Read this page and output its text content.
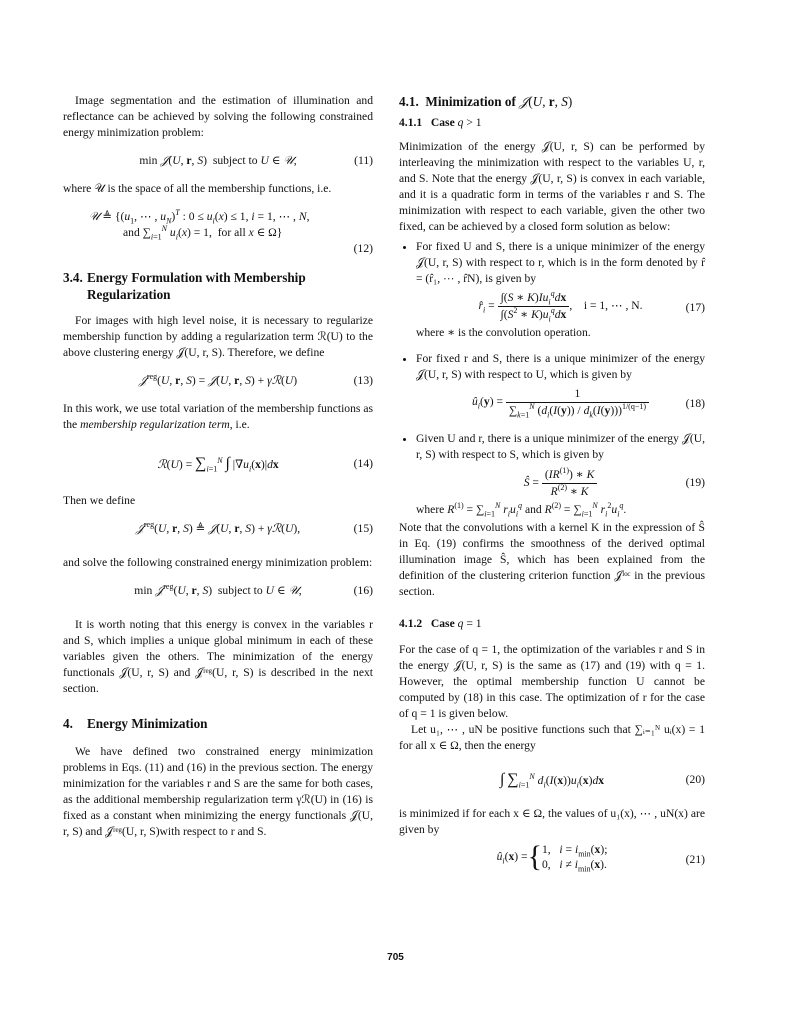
Image segmentation and the estimation of illumination and reflectance can be achieved by solving the following constrained energy minimization problem:

min 𝒥(U, r, S)  subject to U ∈ 𝒰,	(11)

where 𝒰 is the space of all the membership functions, i.e.

𝒰 ≜ {($u_1$, ⋯ , $u_N)^T$ : $0 \le u_i(x) \le 1$, i = 1, ⋯ , N,
and $\sum_{i=1}^N$ $u_i(x) = 1$,  for all x ∈ Ω}
(12)
3.4. Energy Formulation with Membership Regularization

For images with high level noise, it is necessary to regularize membership function by adding a regularization term ℛ(U) to the above clustering energy 𝒥(U, r, S). Therefore, we define

𝒥$^{reg}$(U, r, S) = 𝒥(U, r, S) + γℛ(U)	(13)

In this work, we use total variation of the membership functions as the membership regularization term, i.e.

ℛ(U) = $\sum_{i=1}^N$ ∫ $|\nabla u_i(x)|dx$	(14)

Then we define

𝒥$^{reg}$(U, r, S) ≜ 𝒥(U, r, S) + γℛ(U),	(15)

and solve the following constrained energy minimization problem:

min 𝒥$^{reg}$(U, r, S)  subject to U ∈ 𝒰,	(16)

It is worth noting that this energy is convex in the variables r and S, which implies a unique global minimum in each of these variables given the others. The minimization of the energy functionals 𝒥(U, r, S) and 𝒥ʳᵉᵍ(U, r, S) is described in the next section.

4. Energy Minimization

We have defined two constrained energy minimization problems in Eqs. (11) and (16) in the previous section. The energy minimization for the variables r and S are the same for both cases, as the additional membership regularization term γℛ(U) in (16) is fixed as a constant when minimizing the energy functionals 𝒥(U, r, S) and 𝒥ʳᵉᵍ(U, r, S)with respect to r and S.

4.1. Minimization of 𝒥(U, r, S)
4.1.1 Case q > 1

Minimization of the energy 𝒥(U, r, S) can be performed by interleaving the minimization with respect to the variables U, r, and S. Note that the energy 𝒥(U, r, S) is convex in each variable, and it is a quadratic form in terms of the variables r and S. The minimization with respect to each variable, given the other two fixed, can be achieved by a closed form solution as below:

• For fixed U and S, there is a unique minimizer of the energy 𝒥(U, r, S) with respect to r, which is in the form denoted by r̂ = (r̂₁, ⋯ , r̂N), is given by
$r̂_i = \frac{\int(S ∗ K)Iu_i^qdx}{\int(S^2 ∗ K)u_i^qdx}$ ,    i = 1, ⋯ , N.	(17)
where ∗ is the convolution operation.
• For fixed r and S, there is a unique minimizer of the energy 𝒥(U, r, S) with respect to U, which is given by
$û_i(y) = \frac{1}{\sum_{k=1}^N (d_i(I(y)) / d_k(I(y)))^{1/(q-1)}}$	(18)
• Given U and r, there is a unique minimizer of the energy 𝒥(U, r, S) with respect to S, which is given by
Ŝ = $\frac{(IR^{(1)}) ∗ K}{R^{(2)} ∗ K}$	(19)
where $R^{(1)} = \sum_{i=1}^N$ $r_iu_i^q$ and $R^{(2)} = \sum_{i=1}^N$ $r_i^2u_i^q$.

Note that the convolutions with a kernel K in the expression of Ŝ in Eq. (19) confirms the smoothness of the derived optimal illumination image Ŝ, which has been explained from the definition of the clustering criterion function 𝒥ˡᵒᶜ in the previous section.

4.1.2 Case q = 1

For the case of q = 1, the optimization of the variables r and S in the energy 𝒥(U, r, S) is the same as (17) and (19) with q = 1. However, the optimal membership function U cannot be computed by (18) in this case. The optimization of r for the case of q = 1 is given below.

Let u₁, ⋯ , uN be positive functions such that ∑ᵢ₌₁ᴺ uᵢ(x) = 1 for all x ∈ Ω, then the energy

∫ $\sum_{i=1}^N$ $d_i(I(x))u_i(x)dx$	(20)

is minimized if for each x ∈ Ω, the values of u₁(x), ⋯ , uN(x) are given by

$û_i$ ( x ) = { 1,   $i = i_{min}(x)$;
0,   $i \ne i_{min}(x)$.	(21)
705
